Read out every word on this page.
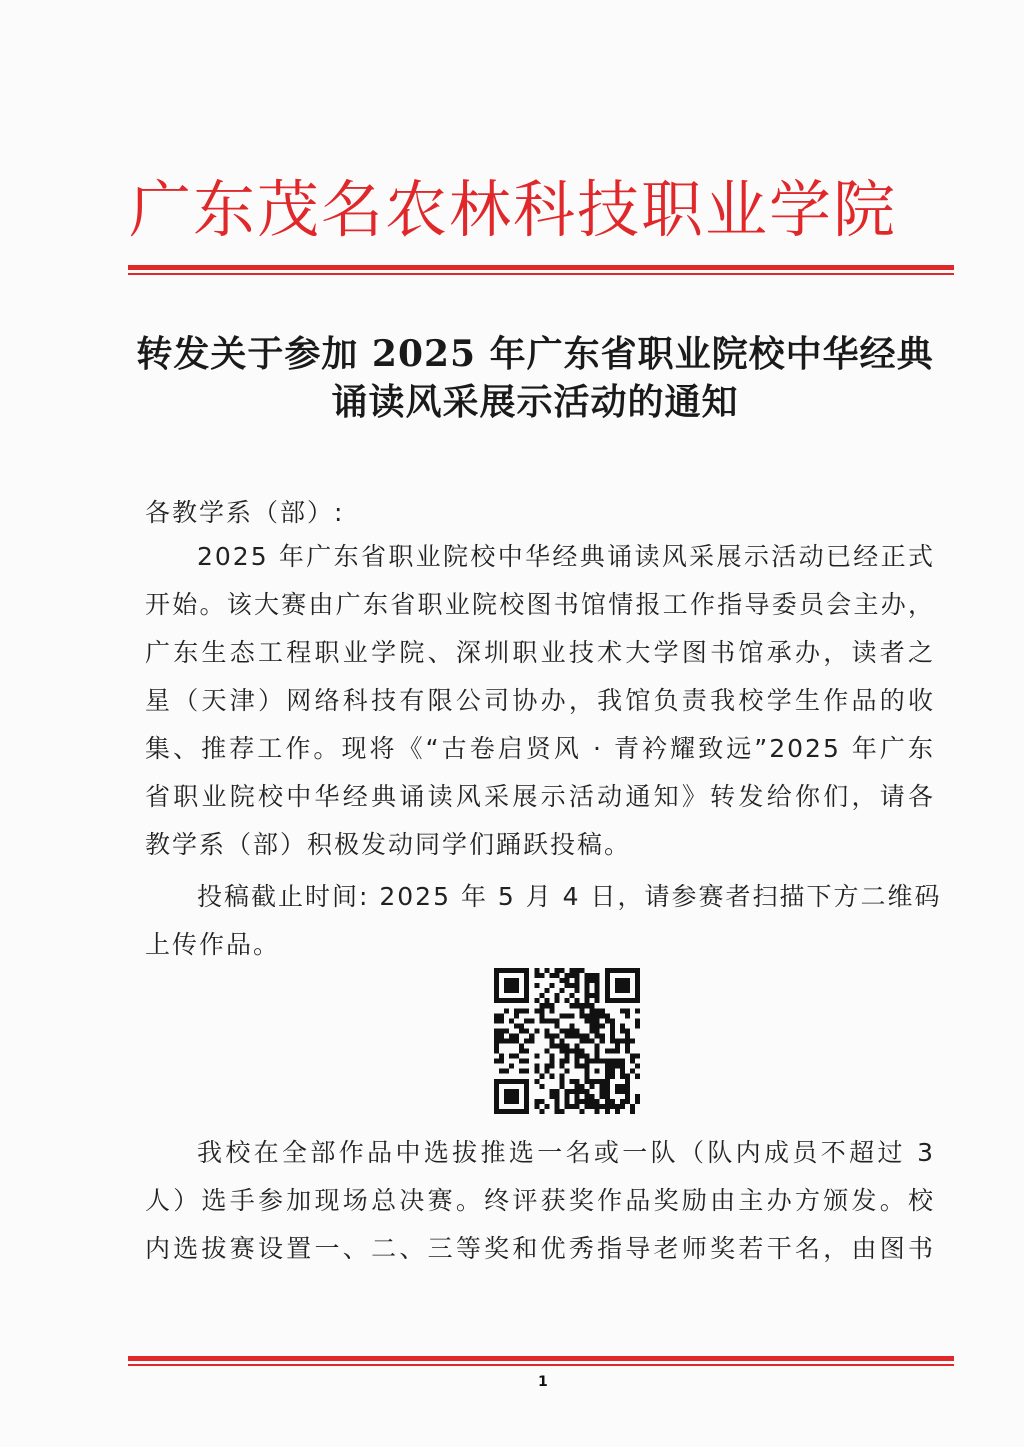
广东茂名农林科技职业学院
转发关于参加 2025 年广东省职业院校中华经典
诵读风采展示活动的通知
各教学系（部）:
2025 年广东省职业院校中华经典诵读风采展示活动已经正式
开始。该大赛由广东省职业院校图书馆情报工作指导委员会主办，
广东生态工程职业学院、深圳职业技术大学图书馆承办，读者之
星（天津）网络科技有限公司协办，我馆负责我校学生作品的收
集、推荐工作。现将《“古卷启贤风 · 青衿耀致远”2025 年广东
省职业院校中华经典诵读风采展示活动通知》转发给你们，请各
教学系（部）积极发动同学们踊跃投稿。
投稿截止时间: 2025 年 5 月 4 日，请参赛者扫描下方二维码
上传作品。
我校在全部作品中选拔推选一名或一队（队内成员不超过 3
人）选手参加现场总决赛。终评获奖作品奖励由主办方颁发。校
内选拔赛设置一、二、三等奖和优秀指导老师奖若干名，由图书
1
